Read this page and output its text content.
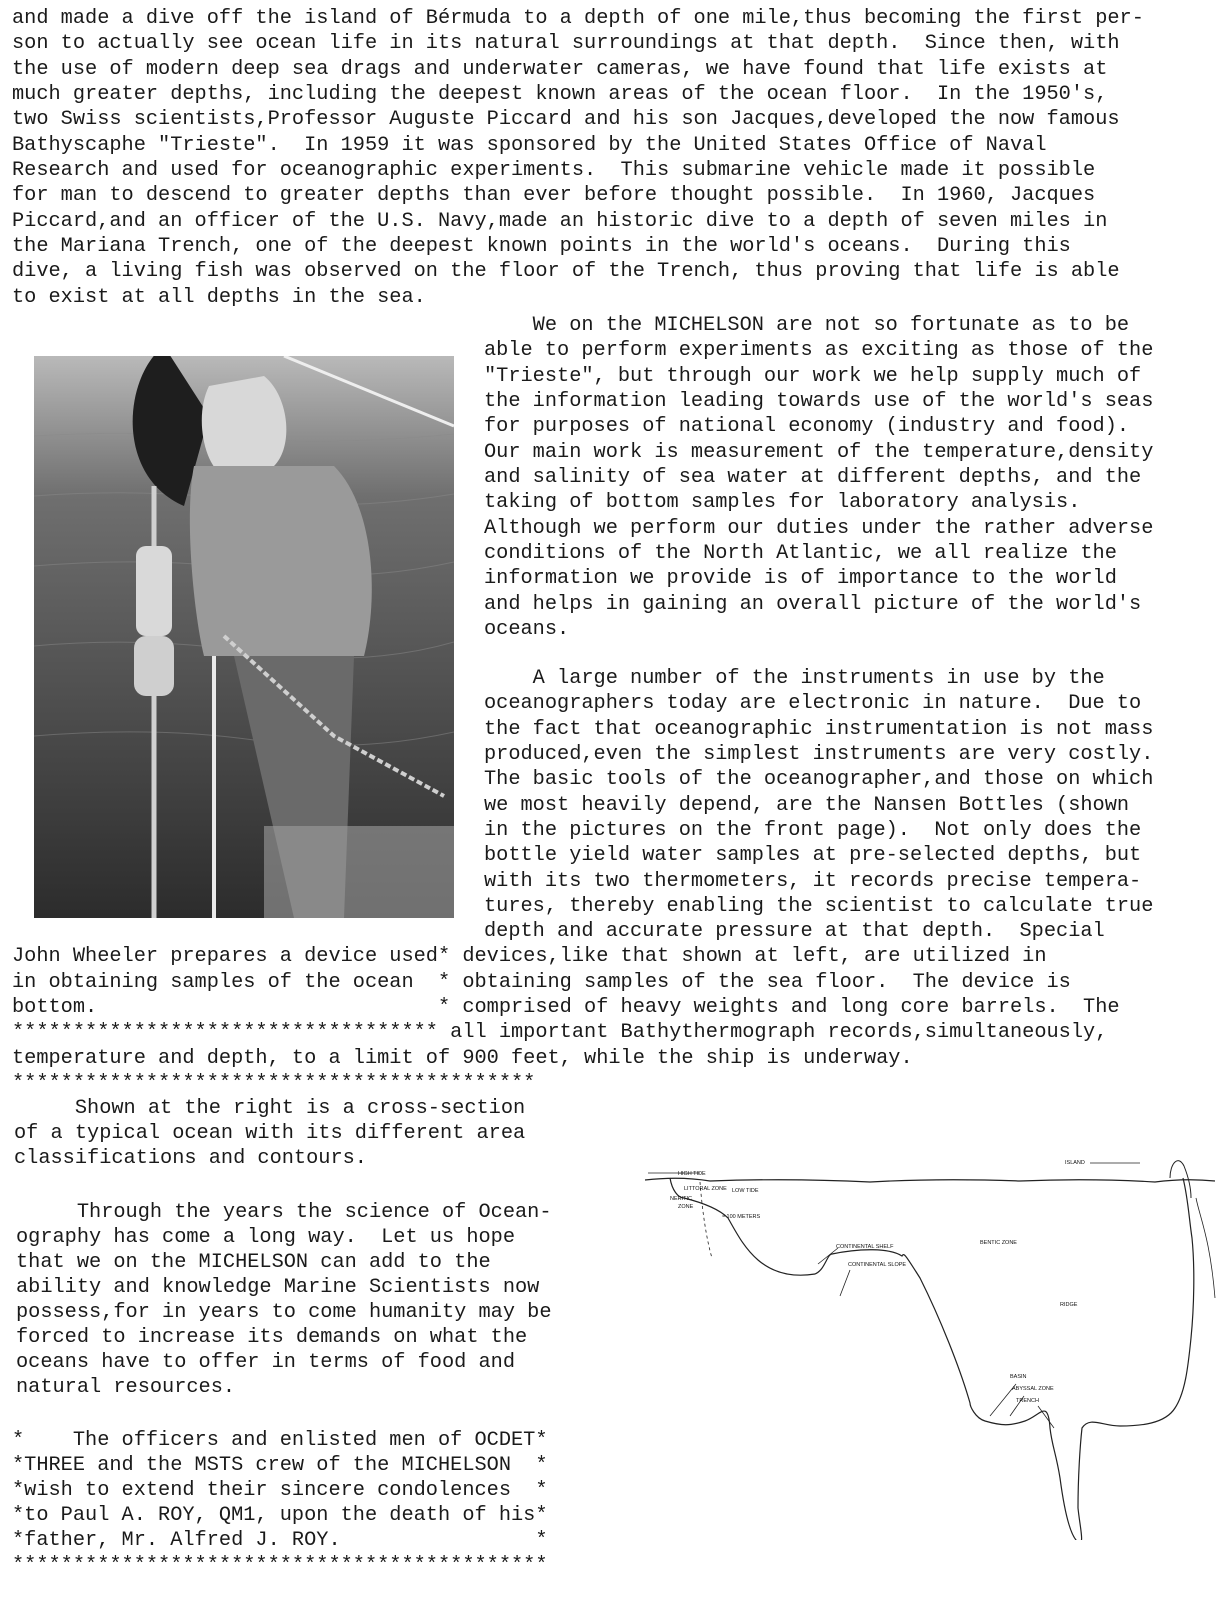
and made a dive off the island of Bérmuda to a depth of one mile,thus becoming the first per-

son to actually see ocean life in its natural surroundings at that depth.  Since then, with

the use of modern deep sea drags and underwater cameras, we have found that life exists at

much greater depths, including the deepest known areas of the ocean floor.  In the 1950's,

two Swiss scientists,Professor Auguste Piccard and his son Jacques,developed the now famous

Bathyscaphe "Trieste".  In 1959 it was sponsored by the United States Office of Naval

Research and used for oceanographic experiments.  This submarine vehicle made it possible

for man to descend to greater depths than ever before thought possible.  In 1960, Jacques

Piccard,and an officer of the U.S. Navy,made an historic dive to a depth of seven miles in

the Mariana Trench, one of the deepest known points in the world's oceans.  During this

dive, a living fish was observed on the floor of the Trench, thus proving that life is able

to exist at all depths in the sea.

We on the MICHELSON are not so fortunate as to be

able to perform experiments as exciting as those of the

"Trieste", but through our work we help supply much of

the information leading towards use of the world's seas

for purposes of national economy (industry and food).

Our main work is measurement of the temperature,density

and salinity of sea water at different depths, and the

taking of bottom samples for laboratory analysis.

Although we perform our duties under the rather adverse

conditions of the North Atlantic, we all realize the

information we provide is of importance to the world

and helps in gaining an overall picture of the world's

oceans.

A large number of the instruments in use by the

oceanographers today are electronic in nature.  Due to

the fact that oceanographic instrumentation is not mass

produced,even the simplest instruments are very costly.

The basic tools of the oceanographer,and those on which

we most heavily depend, are the Nansen Bottles (shown

in the pictures on the front page).  Not only does the

bottle yield water samples at pre-selected depths, but

with its two thermometers, it records precise tempera-

tures, thereby enabling the scientist to calculate true

depth and accurate pressure at that depth.  Special

John Wheeler prepares a device used* devices,like that shown at left, are utilized in

in obtaining samples of the ocean  * obtaining samples of the sea floor.  The device is

bottom.                            * comprised of heavy weights and long core barrels.  The

*********************************** all important Bathythermograph records,simultaneously,

temperature and depth, to a limit of 900 feet, while the ship is underway.

*******************************************

Shown at the right is a cross-section

of a typical ocean with its different area

classifications and contours.

Through the years the science of Ocean-

ography has come a long way.  Let us hope

that we on the MICHELSON can add to the

ability and knowledge Marine Scientists now

possess,for in years to come humanity may be

forced to increase its demands on what the

oceans have to offer in terms of food and

natural resources.

*    The officers and enlisted men of OCDET*

*THREE and the MSTS crew of the MICHELSON  *

*wish to extend their sincere condolences  *

*to Paul A. ROY, QM1, upon the death of his*

*father, Mr. Alfred J. ROY.                *

********************************************

HIGH TIDE
LITTORAL ZONE LOW TIDE
NERITIC
ZONE
≈ 100 METERS
ISLAND
CONTINENTAL SHELF
CONTINENTAL SLOPE
BENTIC ZONE
RIDGE
BASIN
ABYSSAL ZONE
TRENCH
